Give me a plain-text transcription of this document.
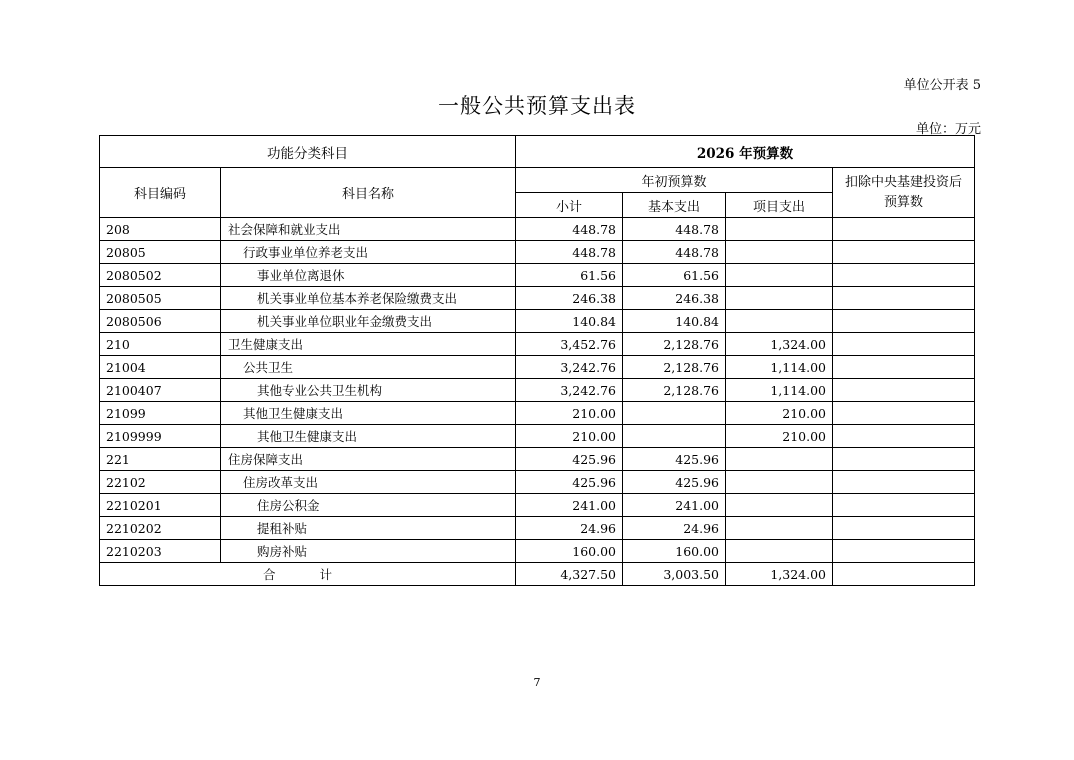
单位公开表 5
一般公共预算支出表
单位：万元
功能分类科目		2026 年预算数			
科目编码	科目名称	年初预算数			扣除中央基建投资后预算数
		小计	基本支出	项目支出	
208	社会保障和就业支出	448.78	448.78		
20805	行政事业单位养老支出	448.78	448.78		
2080502	事业单位离退休	61.56	61.56		
2080505	机关事业单位基本养老保险缴费支出	246.38	246.38		
2080506	机关事业单位职业年金缴费支出	140.84	140.84		
210	卫生健康支出	3,452.76	2,128.76	1,324.00	
21004	公共卫生	3,242.76	2,128.76	1,114.00	
2100407	其他专业公共卫生机构	3,242.76	2,128.76	1,114.00	
21099	其他卫生健康支出	210.00		210.00	
2109999	其他卫生健康支出	210.00		210.00	
221	住房保障支出	425.96	425.96		
22102	住房改革支出	425.96	425.96		
2210201	住房公积金	241.00	241.00		
2210202	提租补贴	24.96	24.96		
2210203	购房补贴	160.00	160.00		
合 计		4,327.50	3,003.50	1,324.00	
7
